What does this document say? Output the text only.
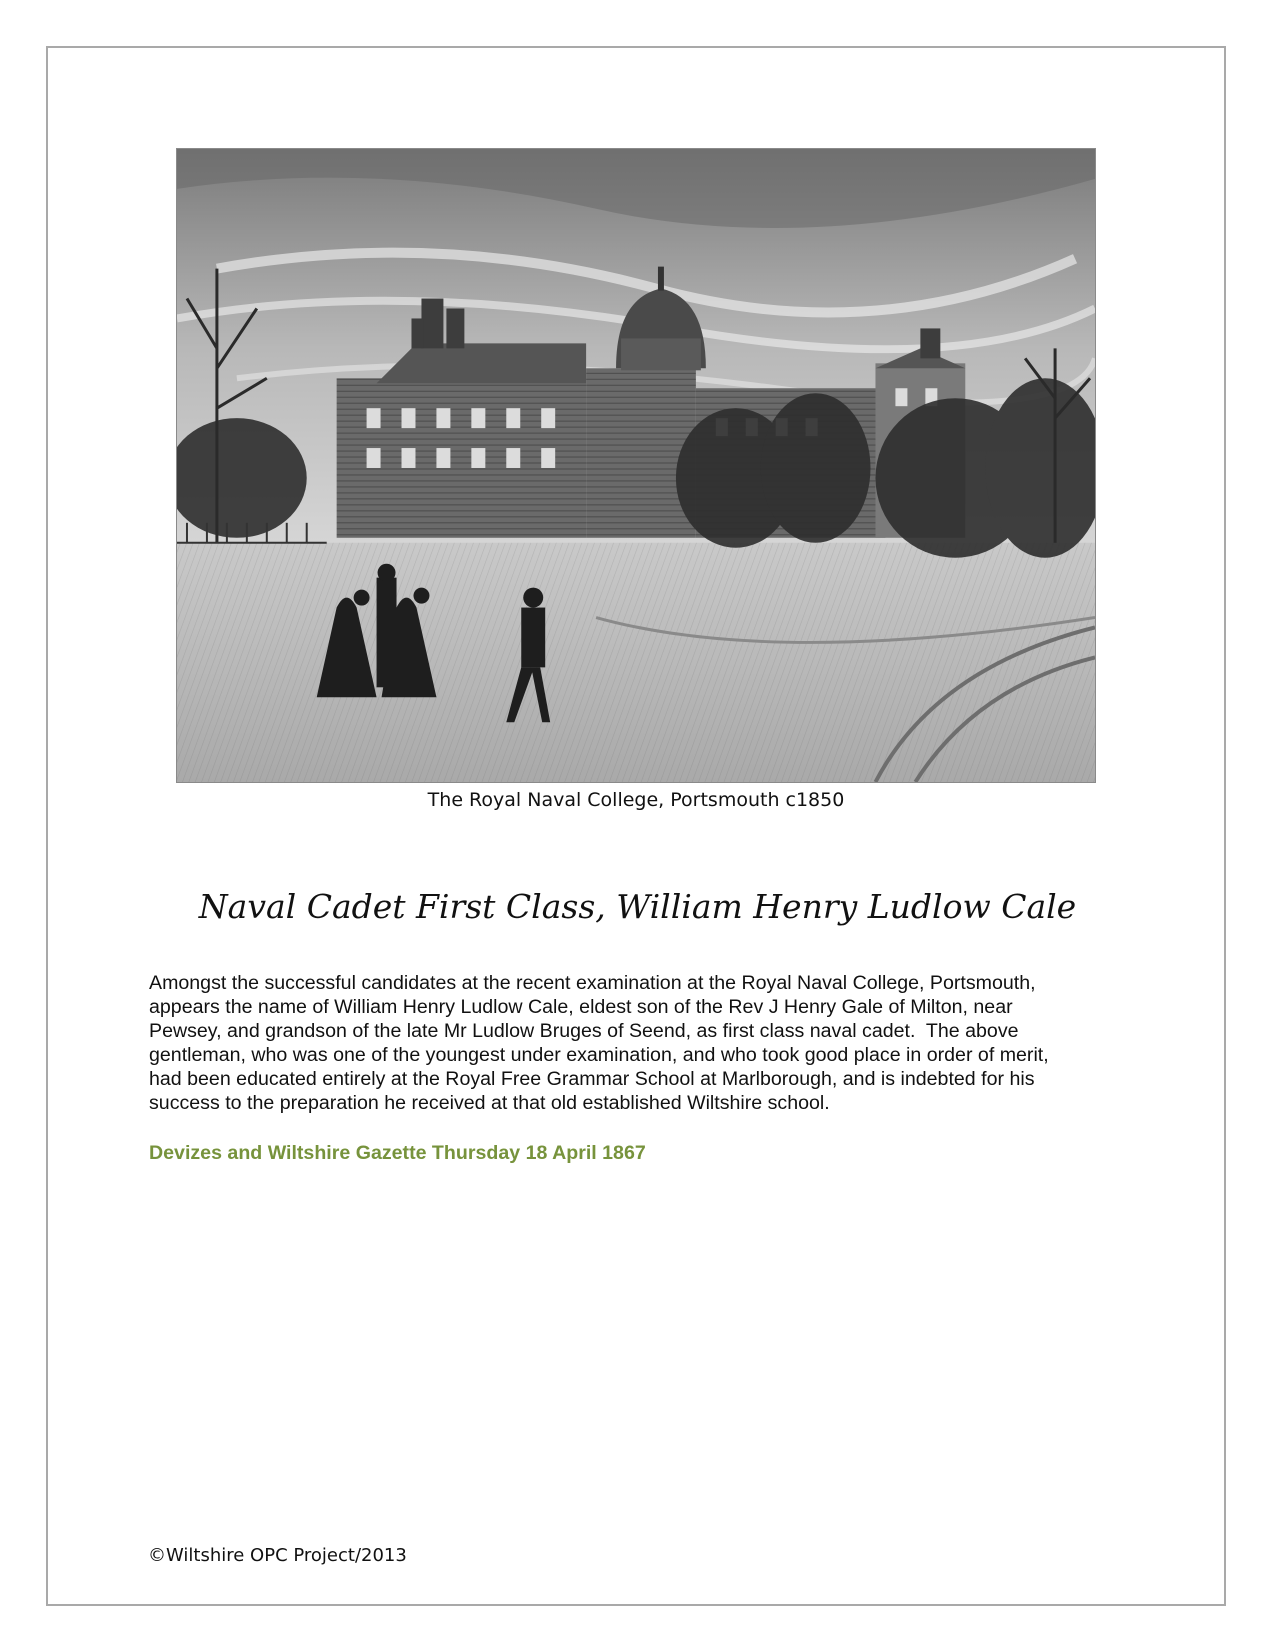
The Royal Naval College, Portsmouth c1850
Naval Cadet First Class, William Henry Ludlow Cale
Amongst the successful candidates at the recent examination at the Royal Naval College, Portsmouth,
appears the name of William Henry Ludlow Cale, eldest son of the Rev J Henry Gale of Milton, near
Pewsey, and grandson of the late Mr Ludlow Bruges of Seend, as first class naval cadet.  The above
gentleman, who was one of the youngest under examination, and who took good place in order of merit,
had been educated entirely at the Royal Free Grammar School at Marlborough, and is indebted for his
success to the preparation he received at that old established Wiltshire school.
Devizes and Wiltshire Gazette Thursday 18 April 1867
©Wiltshire OPC Project/2013
